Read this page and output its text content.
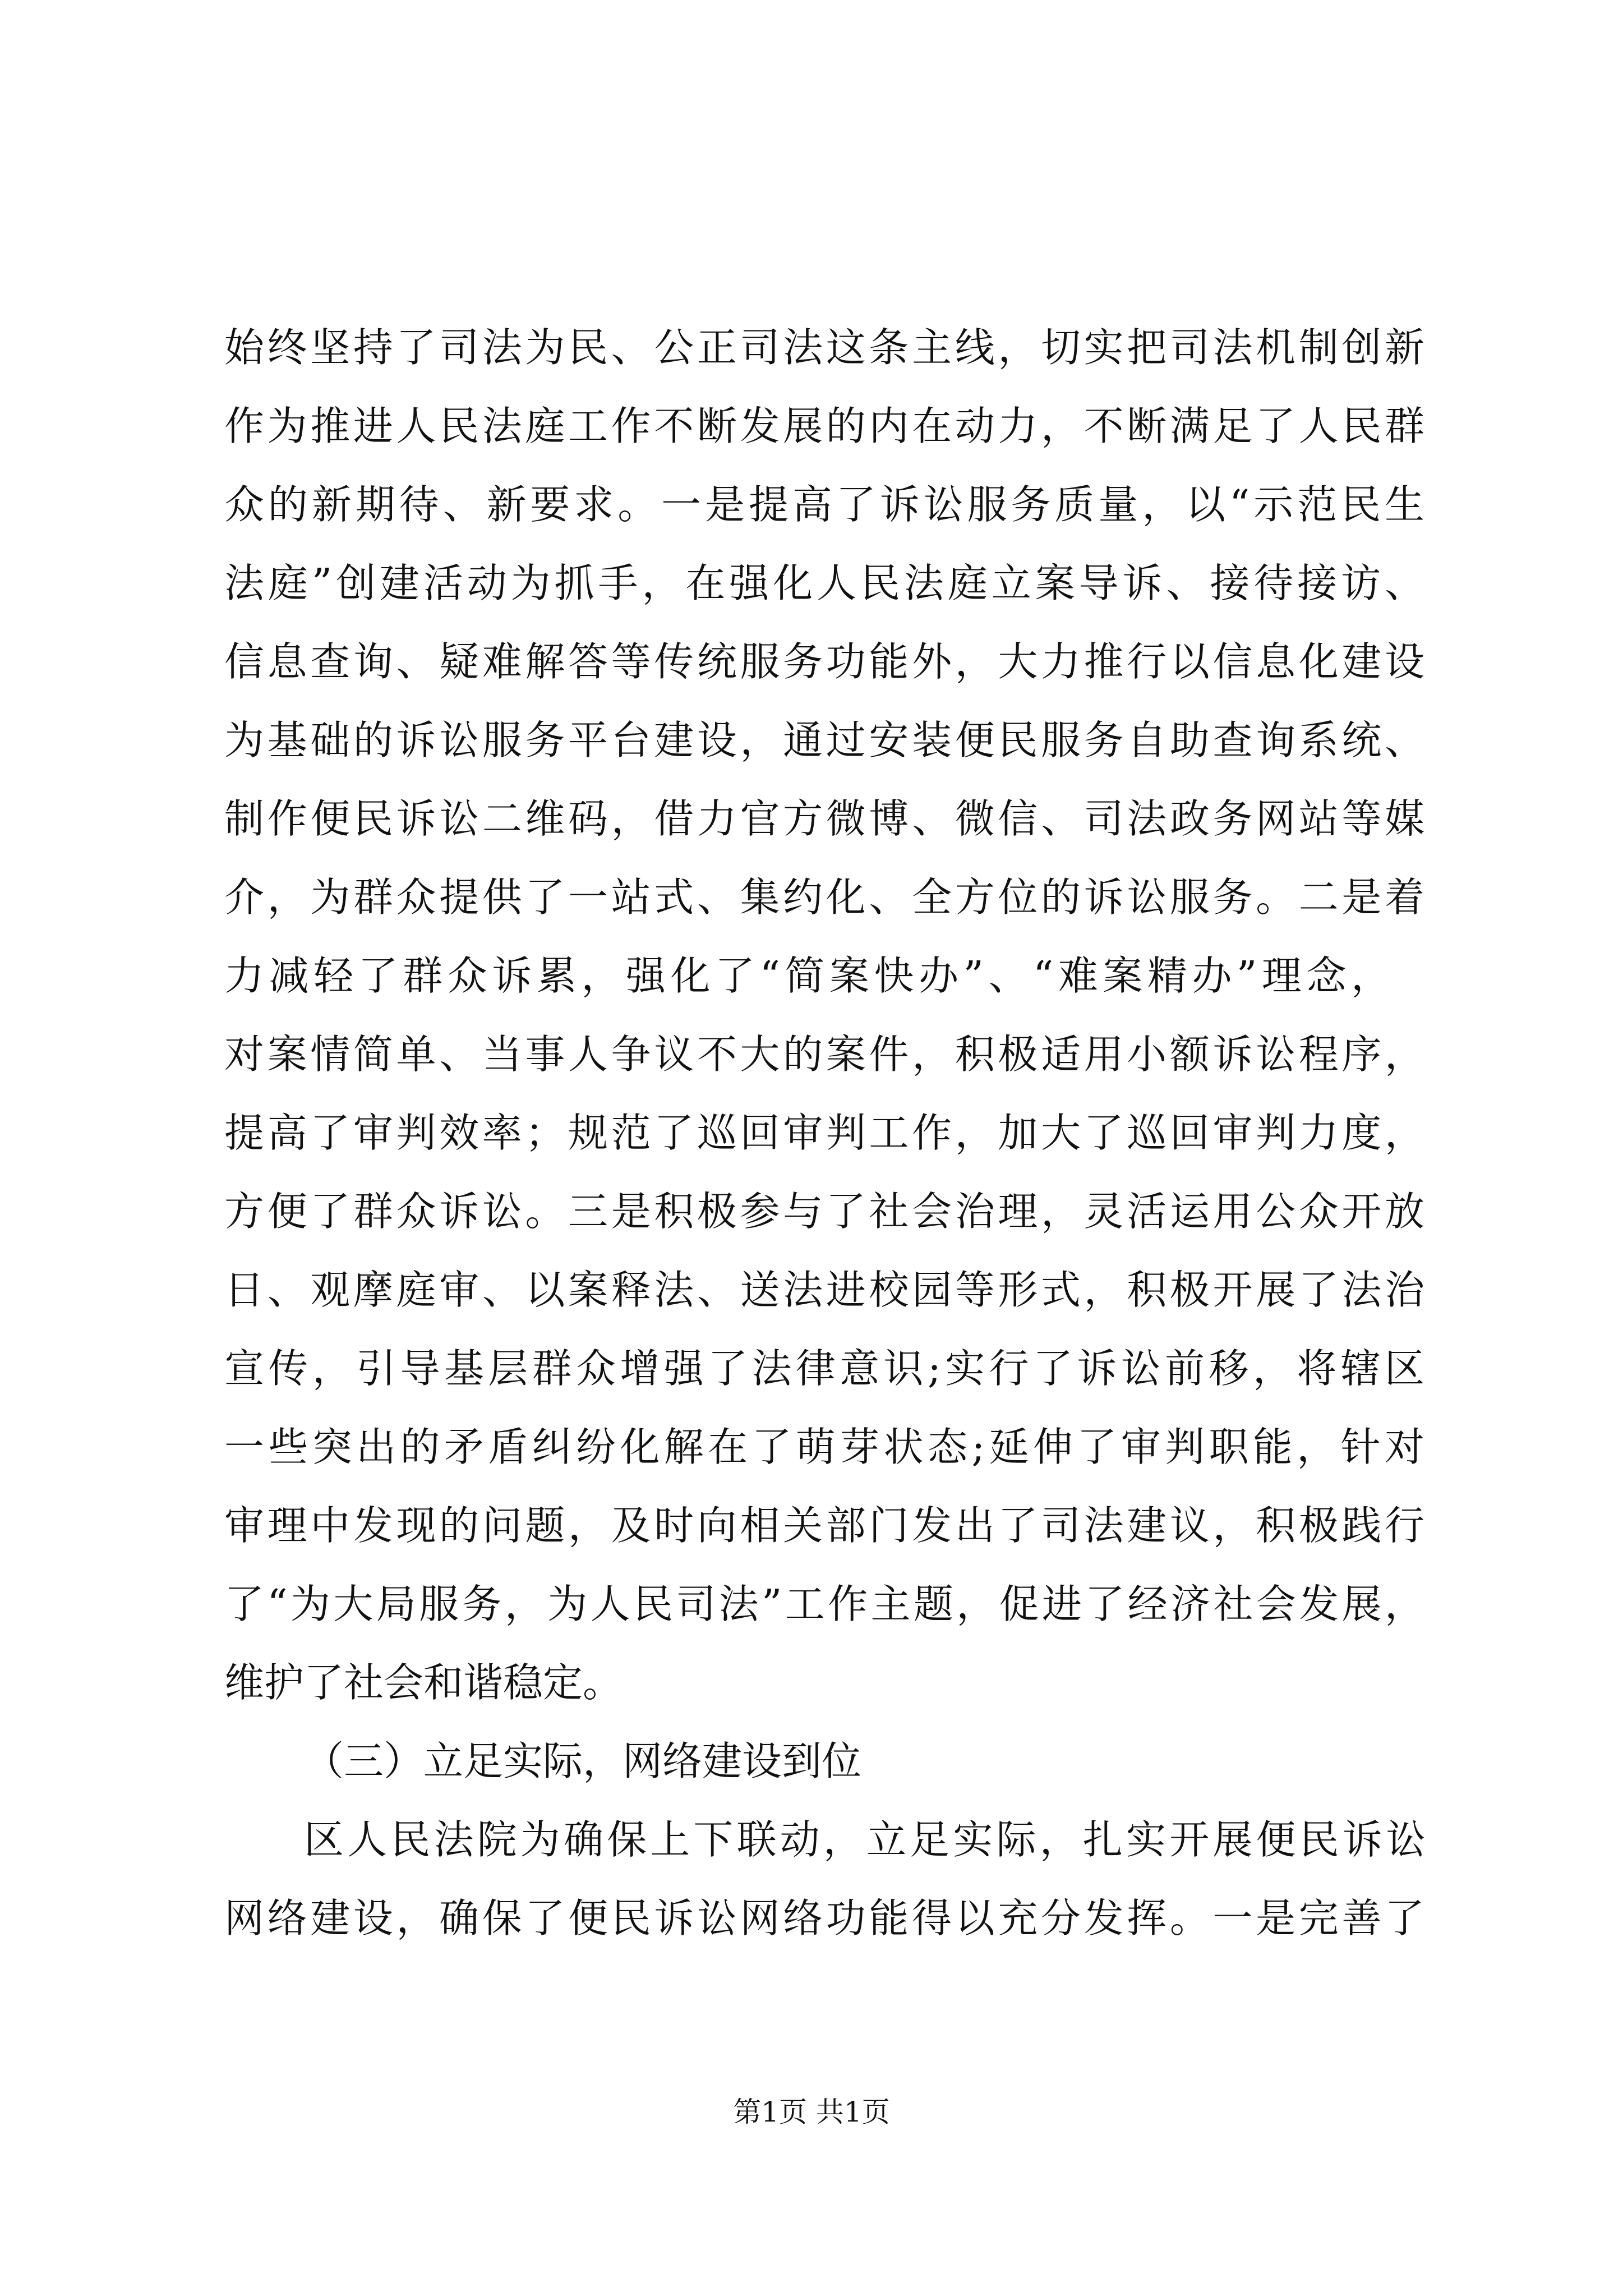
始终坚持了司法为民、公正司法这条主线，切实把司法机制创新
作为推进人民法庭工作不断发展的内在动力，不断满足了人民群
众的新期待、新要求。一是提高了诉讼服务质量，以“示范民生
法庭”创建活动为抓手，在强化人民法庭立案导诉、接待接访、
信息查询、疑难解答等传统服务功能外，大力推行以信息化建设
为基础的诉讼服务平台建设，通过安装便民服务自助查询系统、
制作便民诉讼二维码，借力官方微博、微信、司法政务网站等媒
介，为群众提供了一站式、集约化、全方位的诉讼服务。二是着
力减轻了群众诉累，强化了“简案快办”、“难案精办”理念，
对案情简单、当事人争议不大的案件，积极适用小额诉讼程序，
提高了审判效率；规范了巡回审判工作，加大了巡回审判力度，
方便了群众诉讼。三是积极参与了社会治理，灵活运用公众开放
日、观摩庭审、以案释法、送法进校园等形式，积极开展了法治
宣传，引导基层群众增强了法律意识;实行了诉讼前移，将辖区
一些突出的矛盾纠纷化解在了萌芽状态;延伸了审判职能，针对
审理中发现的问题，及时向相关部门发出了司法建议，积极践行
了“为大局服务，为人民司法”工作主题，促进了经济社会发展，
维护了社会和谐稳定。
（三）立足实际，网络建设到位
区人民法院为确保上下联动，立足实际，扎实开展便民诉讼
网络建设，确保了便民诉讼网络功能得以充分发挥。一是完善了
第1页 共1页
